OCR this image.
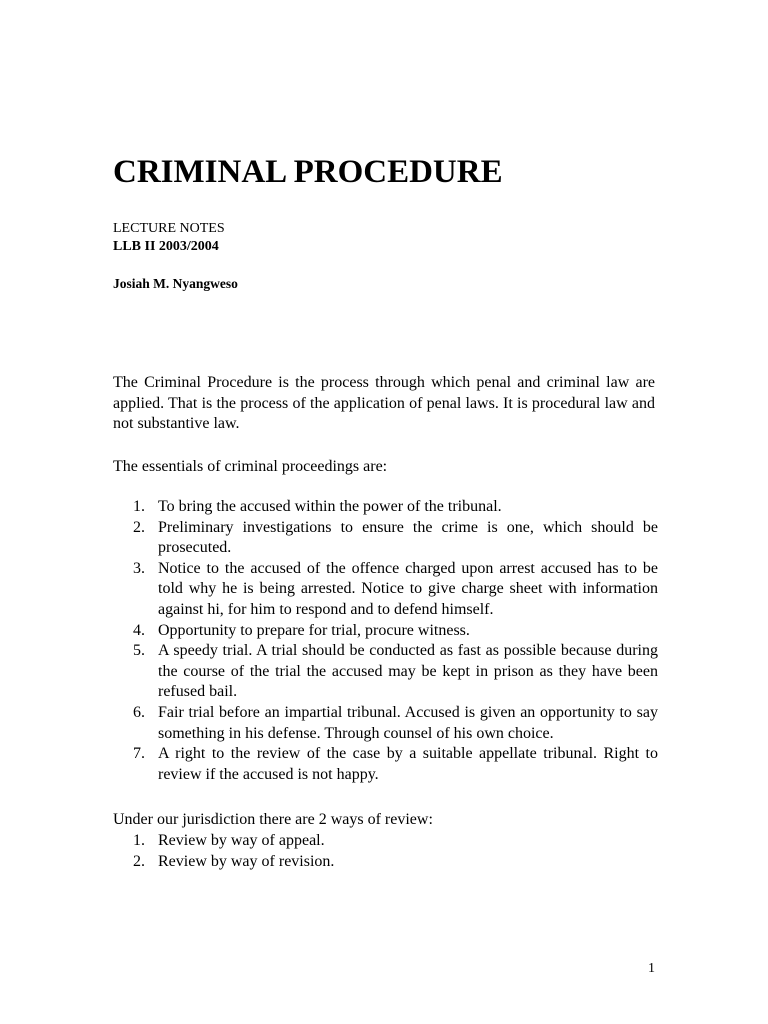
CRIMINAL PROCEDURE
LECTURE NOTES
LLB II 2003/2004
Josiah M. Nyangweso

The Criminal Procedure is the process through which penal and criminal law are applied. That is the process of the application of penal laws. It is procedural law and not substantive law.

The essentials of criminal proceedings are:

1. To bring the accused within the power of the tribunal.
2. Preliminary investigations to ensure the crime is one, which should be prosecuted.
3. Notice to the accused of the offence charged upon arrest accused has to be told why he is being arrested. Notice to give charge sheet with information against hi, for him to respond and to defend himself.
4. Opportunity to prepare for trial, procure witness.
5. A speedy trial. A trial should be conducted as fast as possible because during the course of the trial the accused may be kept in prison as they have been refused bail.
6. Fair trial before an impartial tribunal. Accused is given an opportunity to say something in his defense. Through counsel of his own choice.
7. A right to the review of the case by a suitable appellate tribunal. Right to review if the accused is not happy.

Under our jurisdiction there are 2 ways of review:

1. Review by way of appeal.
2. Review by way of revision.
1
